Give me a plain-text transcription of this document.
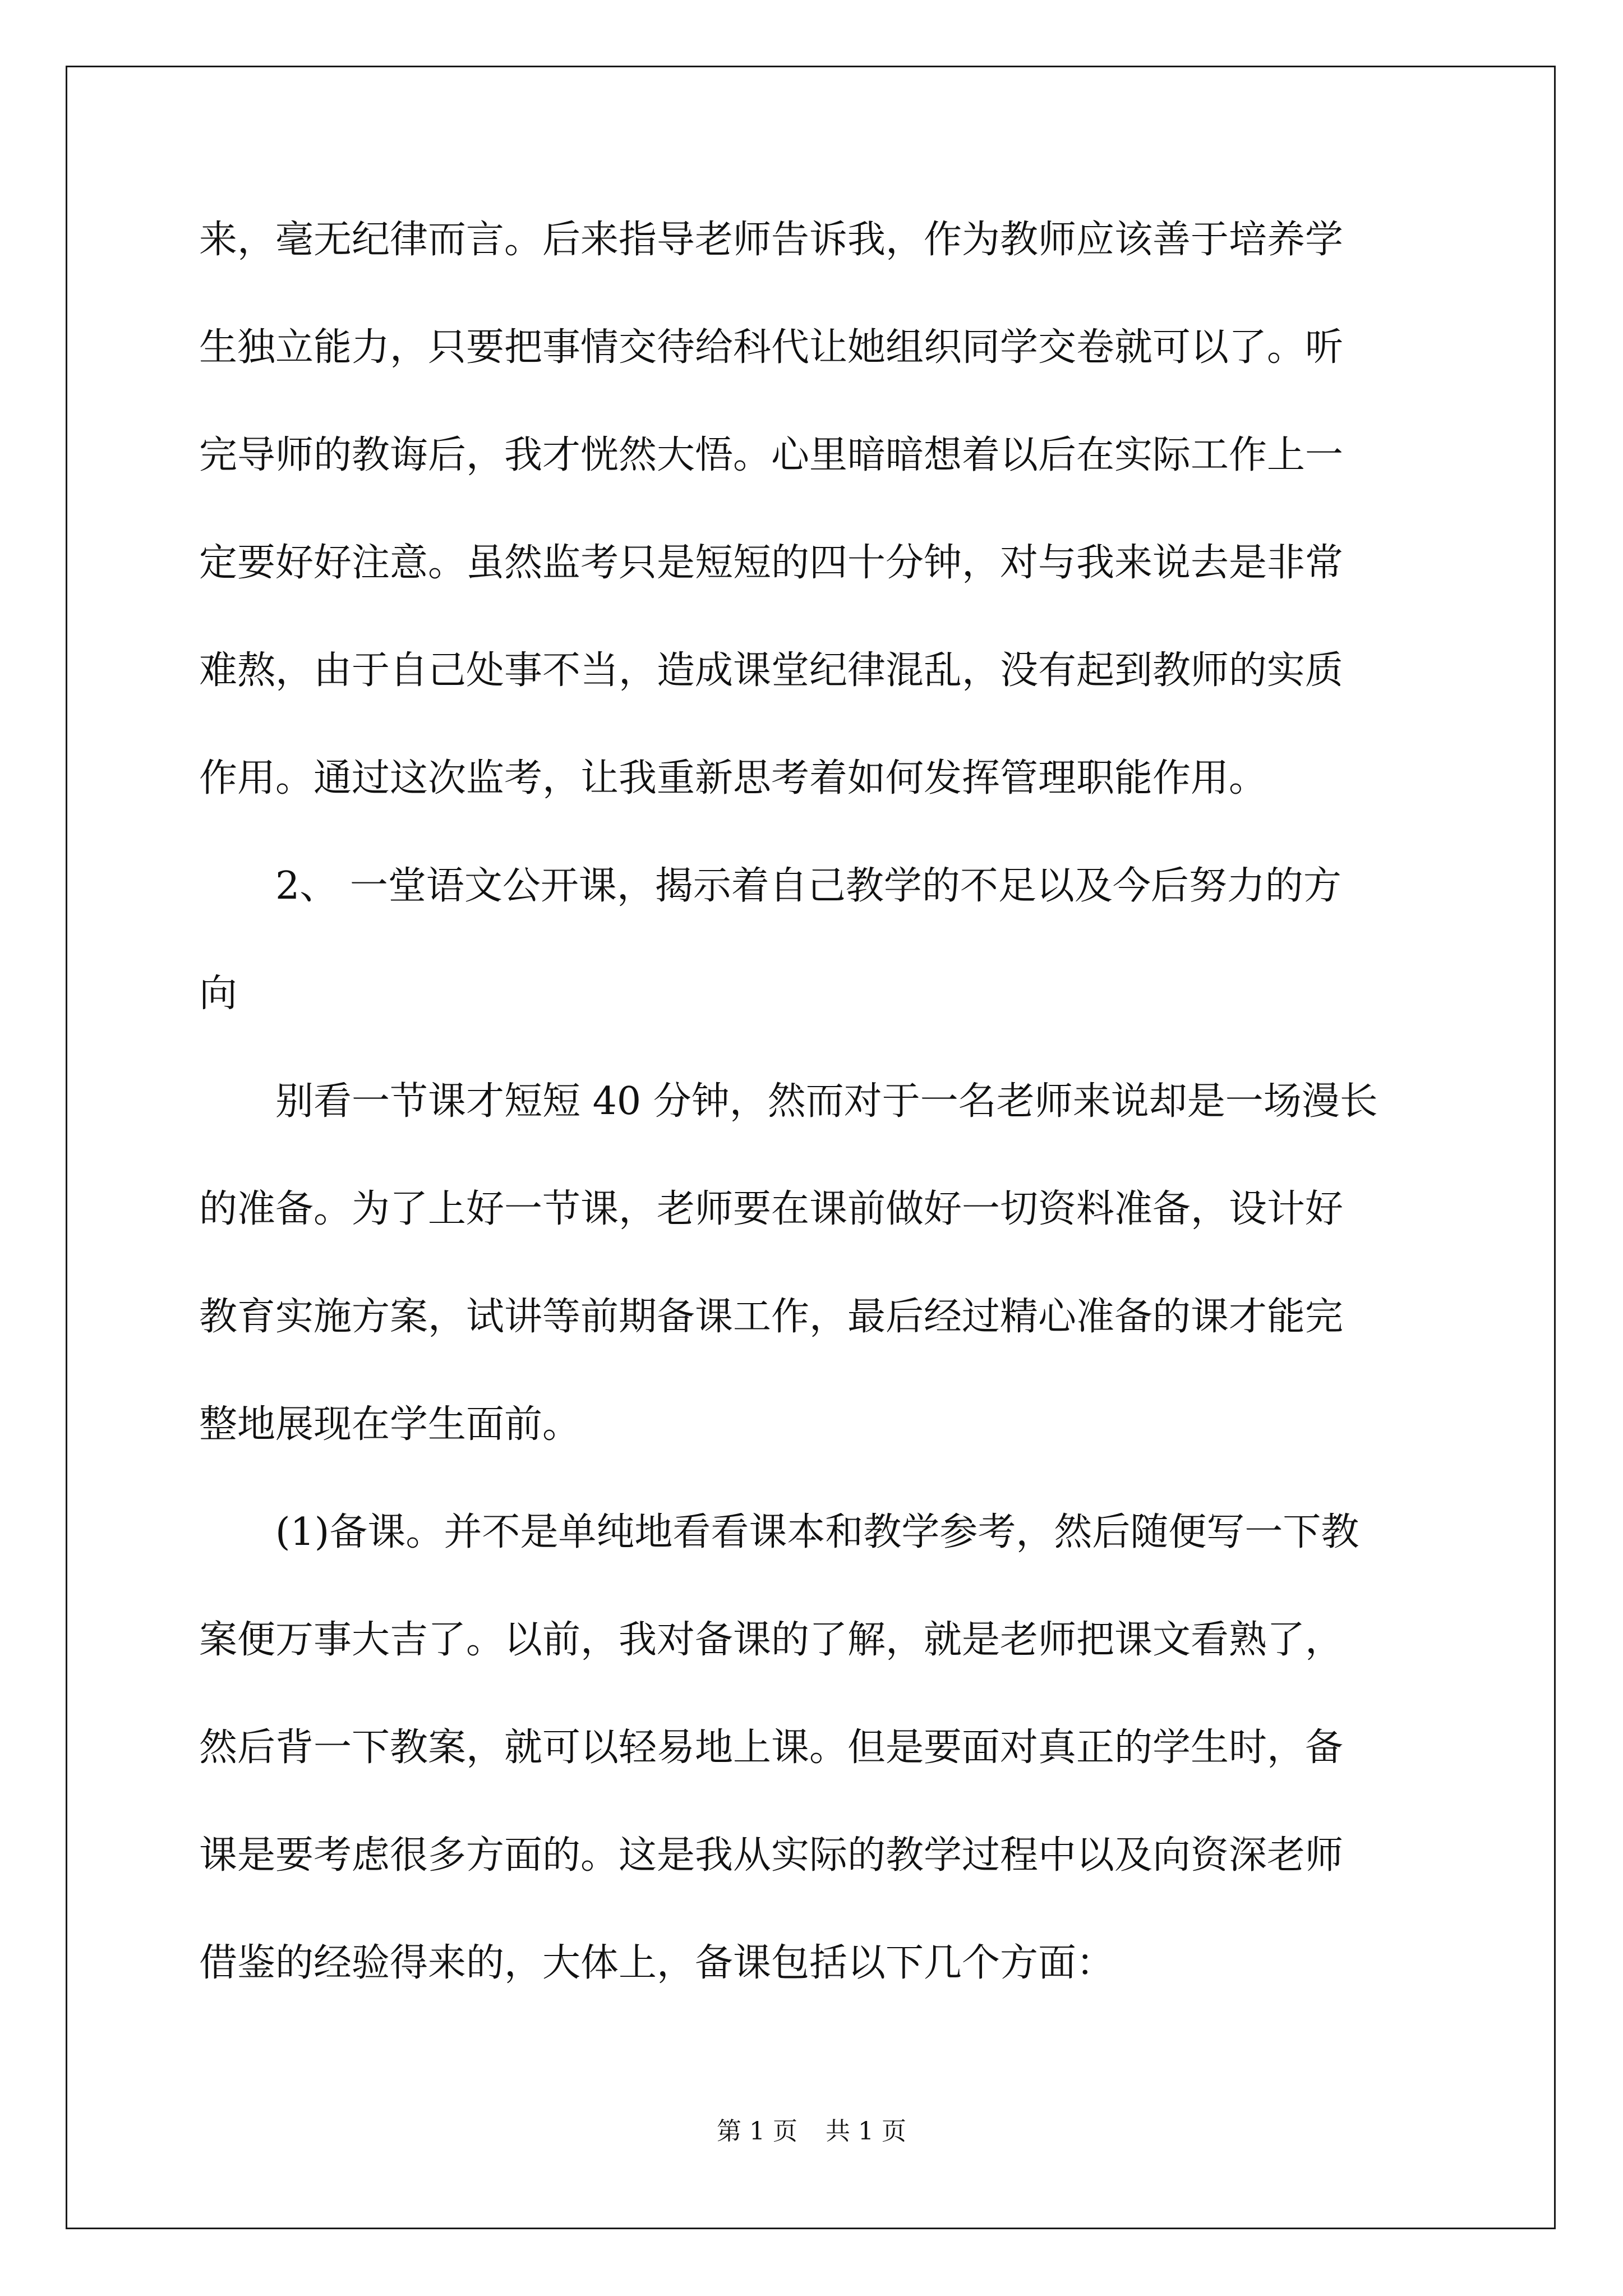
来，毫无纪律而言。后来指导老师告诉我，作为教师应该善于培养学
生独立能力，只要把事情交待给科代让她组织同学交卷就可以了。听
完导师的教诲后，我才恍然大悟。心里暗暗想着以后在实际工作上一
定要好好注意。虽然监考只是短短的四十分钟，对与我来说去是非常
难熬，由于自己处事不当，造成课堂纪律混乱，没有起到教师的实质
作用。通过这次监考，让我重新思考着如何发挥管理职能作用。
2、 一堂语文公开课，揭示着自己教学的不足以及今后努力的方
向
别看一节课才短短 40 分钟，然而对于一名老师来说却是一场漫长
的准备。为了上好一节课，老师要在课前做好一切资料准备，设计好
教育实施方案，试讲等前期备课工作，最后经过精心准备的课才能完
整地展现在学生面前。
(1)备课。并不是单纯地看看课本和教学参考，然后随便写一下教
案便万事大吉了。以前，我对备课的了解，就是老师把课文看熟了，
然后背一下教案，就可以轻易地上课。但是要面对真正的学生时，备
课是要考虑很多方面的。这是我从实际的教学过程中以及向资深老师
借鉴的经验得来的，大体上，备课包括以下几个方面：
第 1 页 共 1 页
